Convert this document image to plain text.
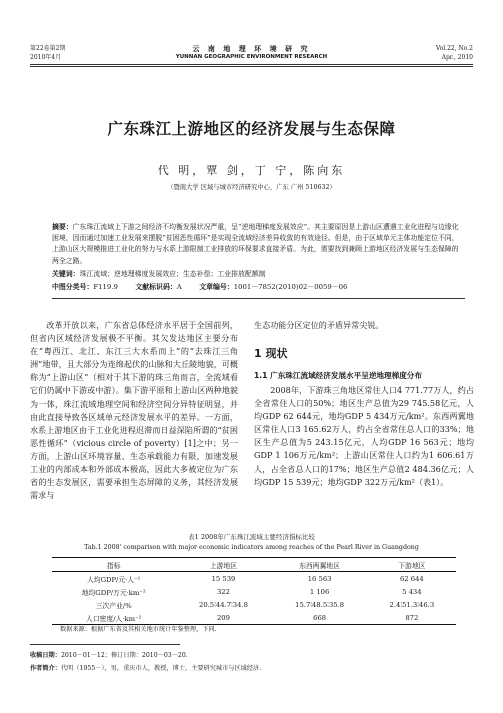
第22卷第2期
2010年4月
云 南 地 理 环 境 研 究
YUNNAN GEOGRAPHIC ENVIRONMENT RESEARCH
Vol.22, No.2
Apr., 2010
广东珠江上游地区的经济发展与生态保障
代 明，覃 剑，丁 宁，陈向东
（暨南大学 区域与城市经济研究中心，广东 广州 510632）
摘要：广东珠江流域上下游之间经济不均衡发展状况严重，呈“逆地理梯度发展效应”。其主要原因是上游山区遭遇工业化进程与边缘化困境，因而通过加速工业发展来摆脱“贫困恶性循环”是实现全流域经济差异收敛的有效途径。但是，由于区域单元主体功能定位不同，上游山区大规模推进工业化的努力与水系上游限制工业排放的环保要求直接矛盾。为此，需要找到兼顾上游地区经济发展与生态保障的两全之路。
关键词：珠江流域；逆地理梯度发展效应；生态补偿；工业排放配额制
中图分类号：F119.9	文献标识码：A	文章编号：1001－7852(2010)02－0059－06
改革开放以来，广东省总体经济水平居于全国前列，但省内区域经济发展极不平衡。其欠发达地区主要分布在“粤西江、北江、东江三大水系而上”的“去珠江三角洲”地带，且大部分为连绵起伏的山脉和大丘陵地貌，可概称为“上游山区”（相对于其下游的珠三角而言，全流域看它们仍属中下游或中游）。集下游平原和上游山区两种地貌为一体，珠江流域地理空间和经济空间分异特征明显，并由此直接导致各区域单元经济发展水平的差异。一方面，水系上游地区由于工业化进程迟滞而日益深陷所谓的“贫困恶性循环”（vicious circle of poverty）[1]之中；另一方面，上游山区环境容量、生态承载能力有限，加速发展工业的内部成本和外部成本极高，因此大多被定位为广东省的生态发展区，需要承担生态屏障的义务，其经济发展需求与
生态功能分区定位的矛盾异常尖锐。
1 现状
1.1 广东珠江流域经济发展水平呈逆地理梯度分布
2008年，下游珠三角地区常住人口4 771.77万人，约占全省常住人口的50%；地区生产总值为29 745.58亿元，人均GDP 62 644元，地均GDP 5 434万元/km²。东西两翼地区常住人口3 165.62万人，约占全省常住总人口的33%；地区生产总值为5 243.15亿元，人均GDP 16 563元；地均GDP 1 106万元/km²；上游山区常住人口约为1 606.61万人，占全省总人口的17%；地区生产总值2 484.36亿元；人均GDP 15 539元；地均GDP 322万元/km²（表1）。
表1 2008年广东珠江流域主要经济指标比较
Tab.1 2008' comparison with major economic indicators among reaches of the Pearl River in Guangdong
指标	上游地区	东西两翼地区	下游地区
人均GDP/元·人⁻¹	15 539	16 563	62 644
地均GDP/万元·km⁻²	322	1 106	5 434
三次产业/%	20.5∶44.7∶34.8	15.7∶48.5∶35.8	2.4∶51.3∶46.3
人口密度/人·km⁻²	209	668	872
数据来源：根据广东省及其相关地市统计年鉴整理，下同.
收稿日期：2010－01－12；修订日期：2010－03－20.
作者简介：代明（1955－），男，重庆市人，教授，博士，主要研究城市与区域经济.
